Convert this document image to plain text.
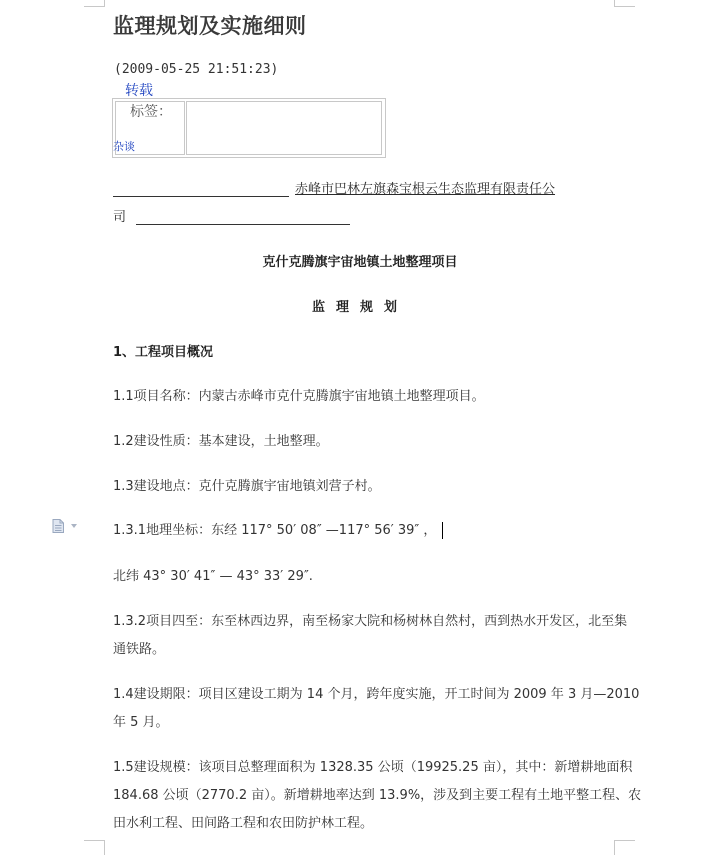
监理规划及实施细则
(2009-05-25 21:51:23)
转载
标签：
杂谈
赤峰市巴林左旗森宝根云生态监理有限责任公
司
克什克腾旗宇宙地镇土地整理项目
监理规划
1、工程项目概况
1.1项目名称：内蒙古赤峰市克什克腾旗宇宙地镇土地整理项目。
1.2建设性质：基本建设，土地整理。
1.3建设地点：克什克腾旗宇宙地镇刘营子村。
1.3.1地理坐标：东经 117° 50′ 08″ —117° 56′ 39″ ，
北纬 43° 30′ 41″ — 43° 33′ 29″.
1.3.2项目四至：东至林西边界，南至杨家大院和杨树林自然村，西到热水开发区，北至集
通铁路。
1.4建设期限：项目区建设工期为 14 个月，跨年度实施，开工时间为 2009 年 3 月—2010
年 5 月。
1.5建设规模：该项目总整理面积为 1328.35 公顷（19925.25 亩），其中：新增耕地面积
184.68 公顷（2770.2 亩）。新增耕地率达到 13.9%，涉及到主要工程有土地平整工程、农
田水利工程、田间路工程和农田防护林工程。
